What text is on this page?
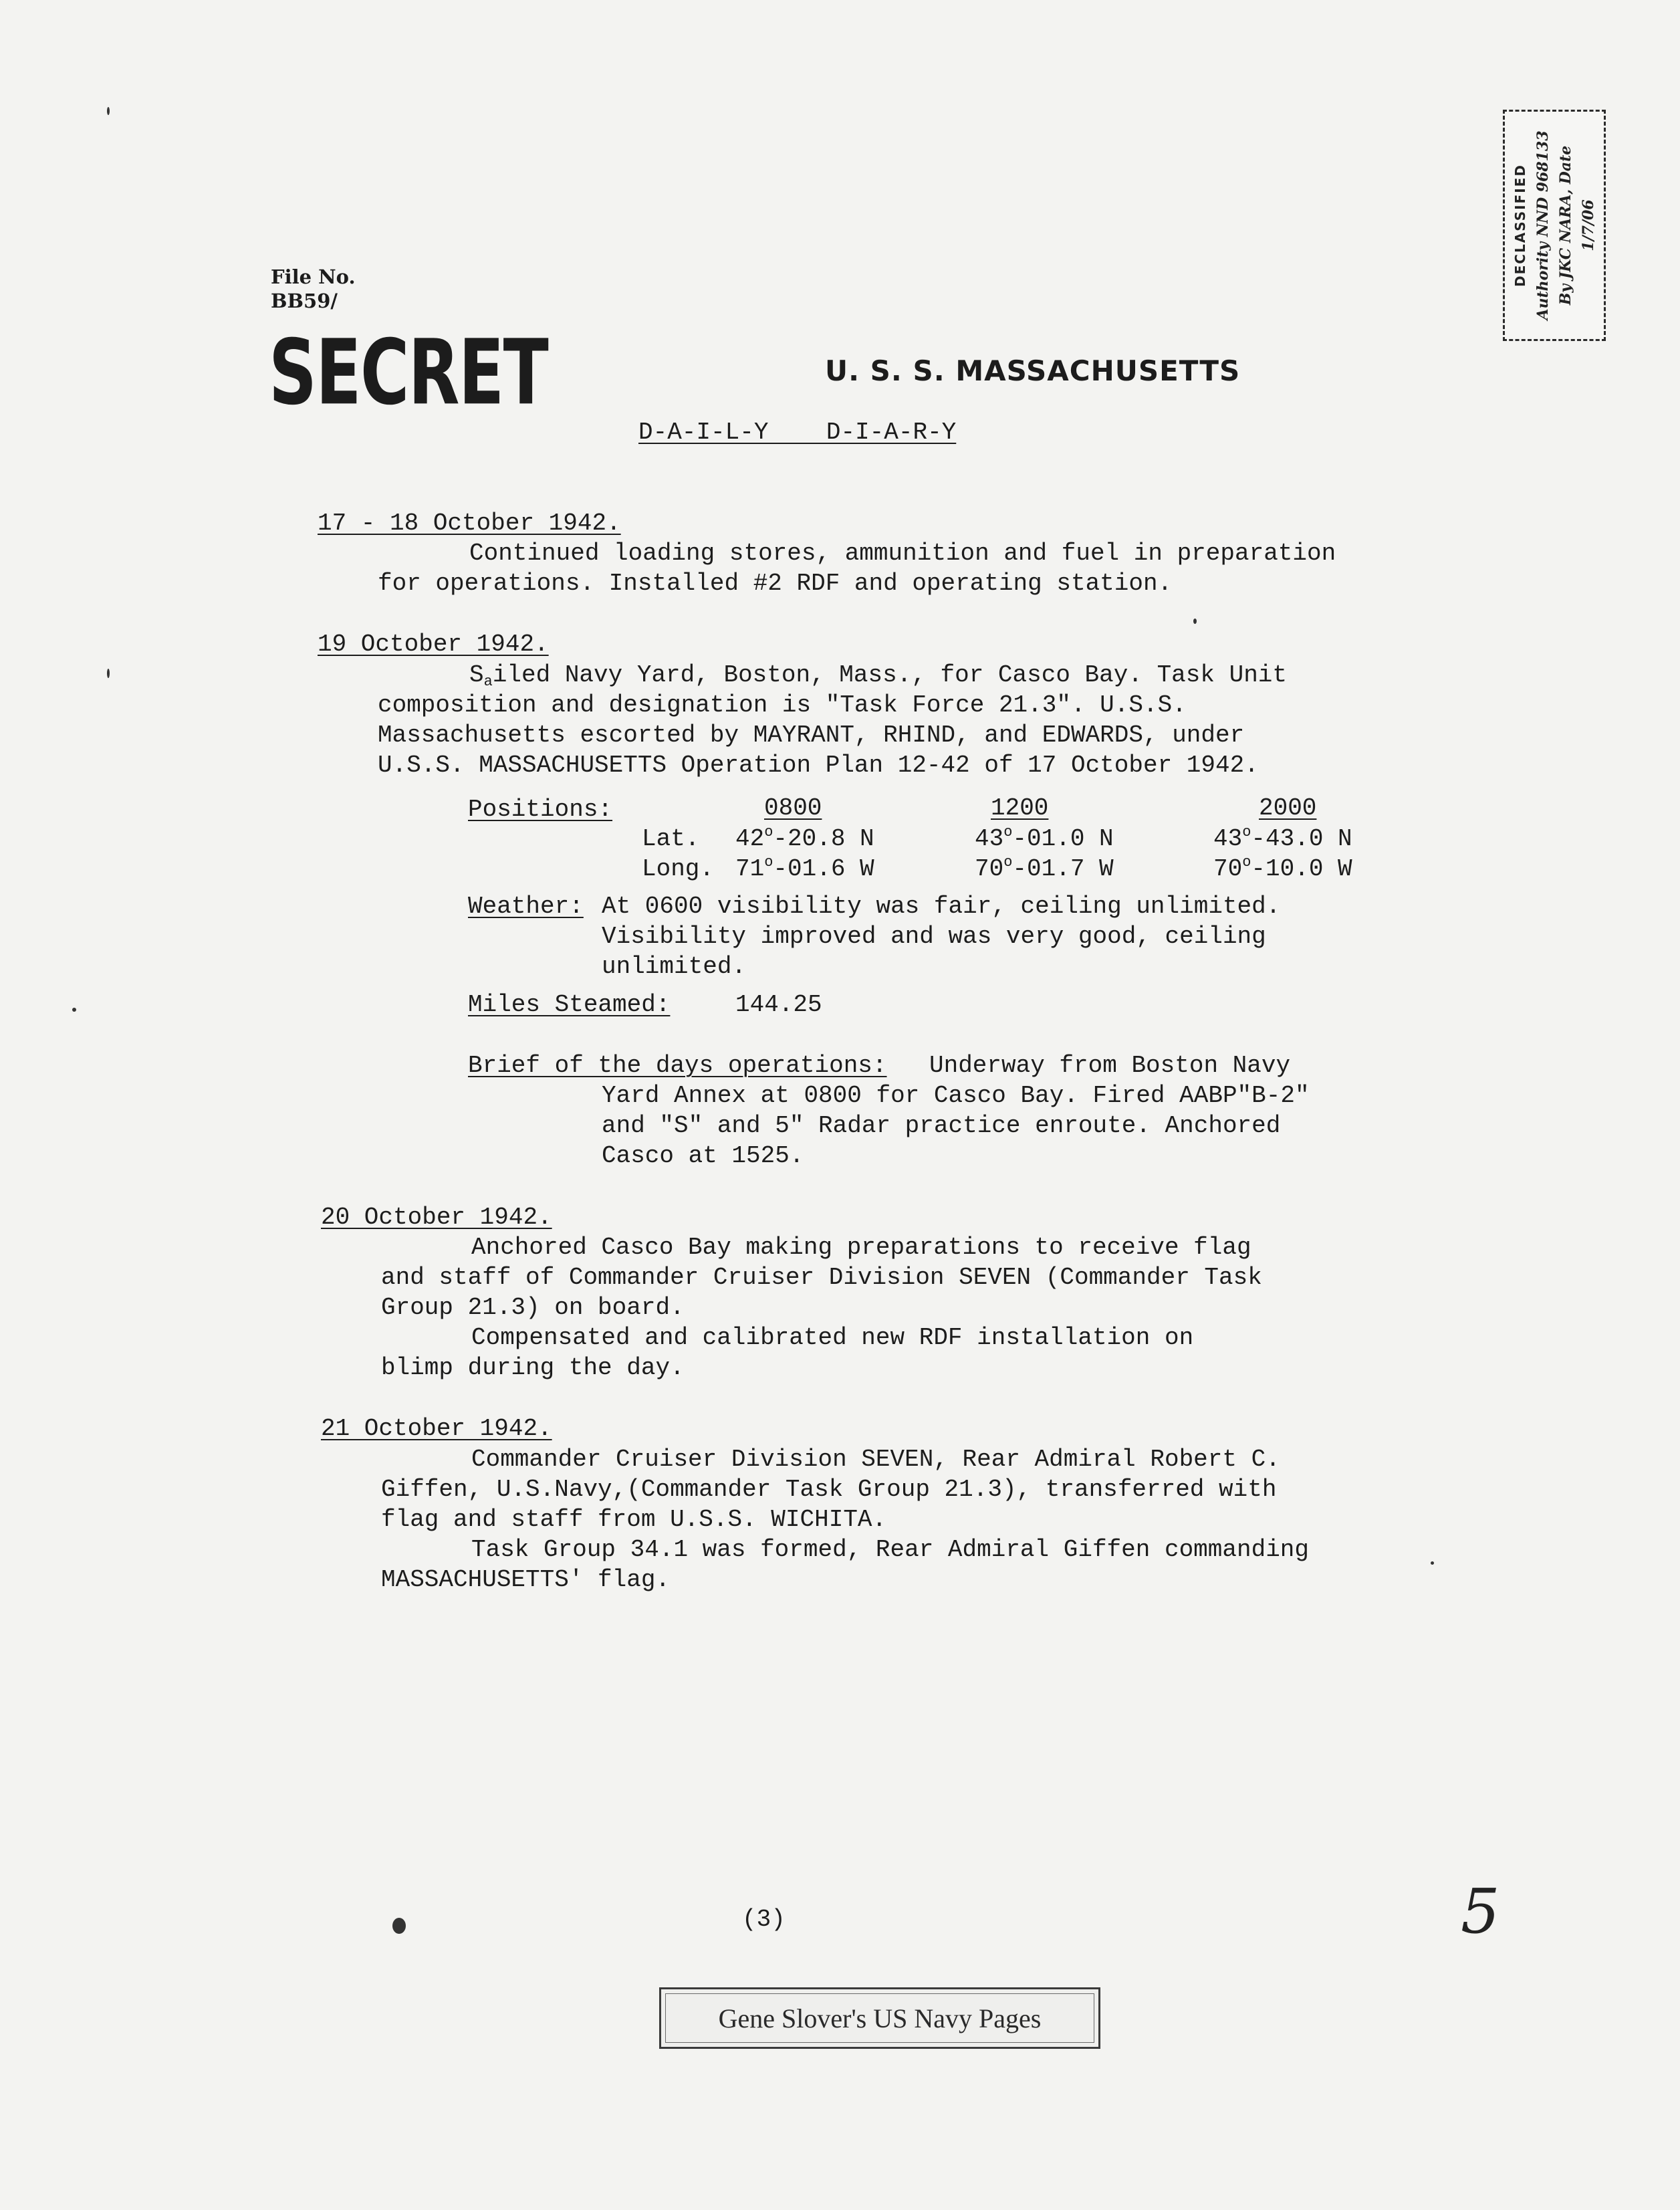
File No.
BB59/
SECRET	U. S. S. MASSACHUSETTS
D-A-I-L-Y    D-I-A-R-Y
DECLASSIFIED Authority NND 968133 By JKC NARA, Date 1/7/06
17 - 18 October 1942.
Continued loading stores, ammunition and fuel in preparation
for operations. Installed #2 RDF and operating station.
19 October 1942.
$S_ailed$ Navy Yard, Boston, Mass., for Casco Bay. Task Unit
composition and designation is "Task Force 21.3". U.S.S.
Massachusetts escorted by MAYRANT, RHIND, and EDWARDS, under
U.S.S. MASSACHUSETTS Operation Plan 12-42 of 17 October 1942.
Positions:	0800	1200	2000
Lat. 42$^o$-20.8 N	43$^o$-01.0 N	43$^o$-43.0 N
Long. 71$^o$-01.6 W	70$^o$-01.7 W	70$^o$-10.0 W
Weather: At 0600 visibility was fair, ceiling unlimited.
Visibility improved and was very good, ceiling
unlimited.
Miles Steamed:	144.25
Brief of the days operations: Underway from Boston Navy
Yard Annex at 0800 for Casco Bay. Fired AABP"B-2"
and "S" and 5" Radar practice enroute. Anchored
Casco at 1525.
20 October 1942.
Anchored Casco Bay making preparations to receive flag
and staff of Commander Cruiser Division SEVEN (Commander Task
Group 21.3) on board.
Compensated and calibrated new RDF installation on
blimp during the day.
21 October 1942.
Commander Cruiser Division SEVEN, Rear Admiral Robert C.
Giffen, U.S.Navy,(Commander Task Group 21.3), transferred with
flag and staff from U.S.S. WICHITA.
Task Group 34.1 was formed, Rear Admiral Giffen commanding
MASSACHUSETTS' flag.
(3)	5
Gene Slover's US Navy Pages
